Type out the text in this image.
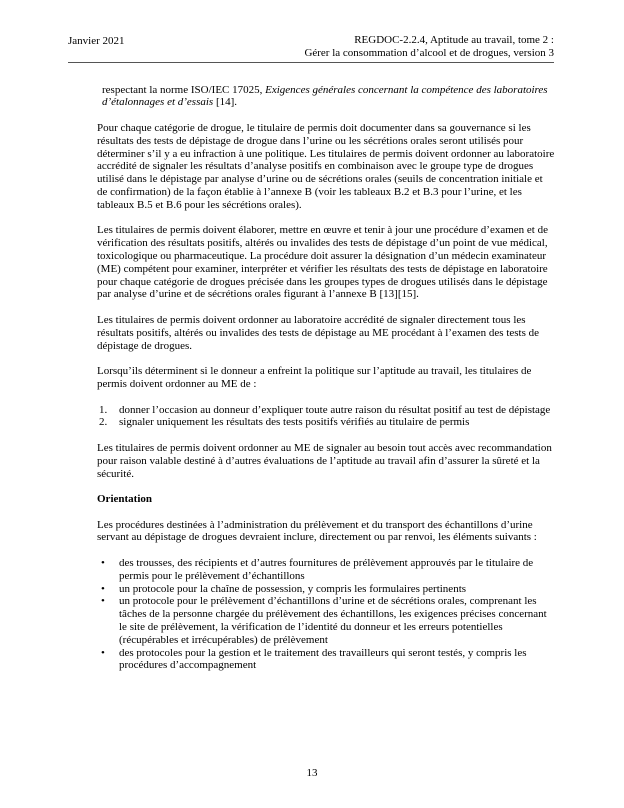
Janvier 2021	REGDOC-2.2.4, Aptitude au travail, tome 2 :
Gérer la consommation d’alcool et de drogues, version 3

respectant la norme ISO/IEC 17025, Exigences générales concernant la compétence des laboratoires d’étalonnages et d’essais [14].

Pour chaque catégorie de drogue, le titulaire de permis doit documenter dans sa gouvernance si les résultats des tests de dépistage de drogue dans l’urine ou les sécrétions orales seront utilisés pour déterminer s’il y a eu infraction à une politique. Les titulaires de permis doivent ordonner au laboratoire accrédité de signaler les résultats d’analyse positifs en combinaison avec le groupe type de drogues utilisé dans le dépistage par analyse d’urine ou de sécrétions orales (seuils de concentration initiale et de confirmation) de la façon établie à l’annexe B (voir les tableaux B.2 et B.3 pour l’urine, et les tableaux B.5 et B.6 pour les sécrétions orales).

Les titulaires de permis doivent élaborer, mettre en œuvre et tenir à jour une procédure d’examen et de vérification des résultats positifs, altérés ou invalides des tests de dépistage d’un point de vue médical, toxicologique ou pharmaceutique. La procédure doit assurer la désignation d’un médecin examinateur (ME) compétent pour examiner, interpréter et vérifier les résultats des tests de dépistage en laboratoire pour chaque catégorie de drogues précisée dans les groupes types de drogues utilisés dans le dépistage par analyse d’urine et de sécrétions orales figurant à l’annexe B [13][15].

Les titulaires de permis doivent ordonner au laboratoire accrédité de signaler directement tous les résultats positifs, altérés ou invalides des tests de dépistage au ME procédant à l’examen des tests de dépistage de drogues.

Lorsqu’ils déterminent si le donneur a enfreint la politique sur l’aptitude au travail, les titulaires de permis doivent ordonner au ME de :

1.	donner l’occasion au donneur d’expliquer toute autre raison du résultat positif au test de dépistage
2.	signaler uniquement les résultats des tests positifs vérifiés au titulaire de permis

Les titulaires de permis doivent ordonner au ME de signaler au besoin tout accès avec recommandation pour raison valable destiné à d’autres évaluations de l’aptitude au travail afin d’assurer la sûreté et la sécurité.

Orientation

Les procédures destinées à l’administration du prélèvement et du transport des échantillons d’urine servant au dépistage de drogues devraient inclure, directement ou par renvoi, les éléments suivants :

•	des trousses, des récipients et d’autres fournitures de prélèvement approuvés par le titulaire de permis pour le prélèvement d’échantillons
•	un protocole pour la chaîne de possession, y compris les formulaires pertinents
•	un protocole pour le prélèvement d’échantillons d’urine et de sécrétions orales, comprenant les tâches de la personne chargée du prélèvement des échantillons, les exigences précises concernant le site de prélèvement, la vérification de l’identité du donneur et les erreurs potentielles (récupérables et irrécupérables) de prélèvement
•	des protocoles pour la gestion et le traitement des travailleurs qui seront testés, y compris les procédures d’accompagnement
13
